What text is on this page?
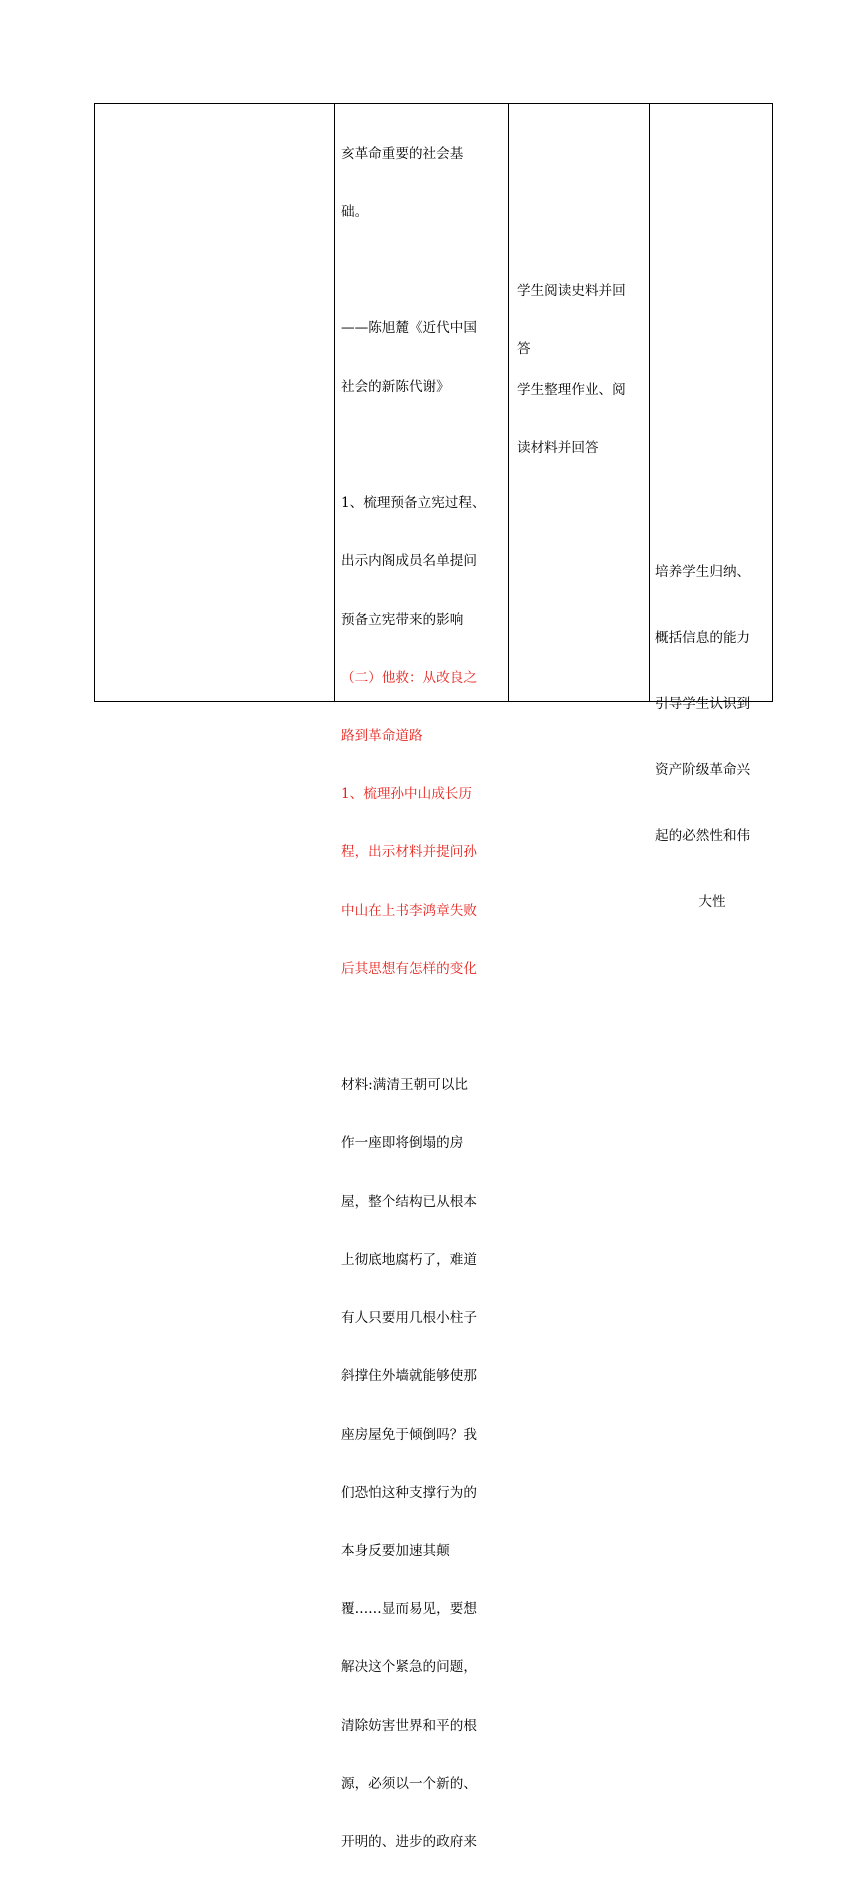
亥革命重要的社会基

础。

——陈旭麓《近代中国

社会的新陈代谢》

1、梳理预备立宪过程、

出示内阁成员名单提问

预备立宪带来的影响

（二）他救：从改良之

路到革命道路

1、梳理孙中山成长历

程，出示材料并提问孙

中山在上书李鸿章失败

后其思想有怎样的变化

材料:满清王朝可以比

作一座即将倒塌的房

屋，整个结构已从根本

上彻底地腐朽了，难道

有人只要用几根小柱子

斜撑住外墙就能够使那

座房屋免于倾倒吗？我

们恐怕这种支撑行为的

本身反要加速其颠

覆……显而易见，要想

解决这个紧急的问题，

清除妨害世界和平的根

源，必须以一个新的、

开明的、进步的政府来

学生阅读史料并回

答

学生整理作业、阅

读材料并回答

培养学生归纳、

概括信息的能力

引导学生认识到

资产阶级革命兴

起的必然性和伟

大性
